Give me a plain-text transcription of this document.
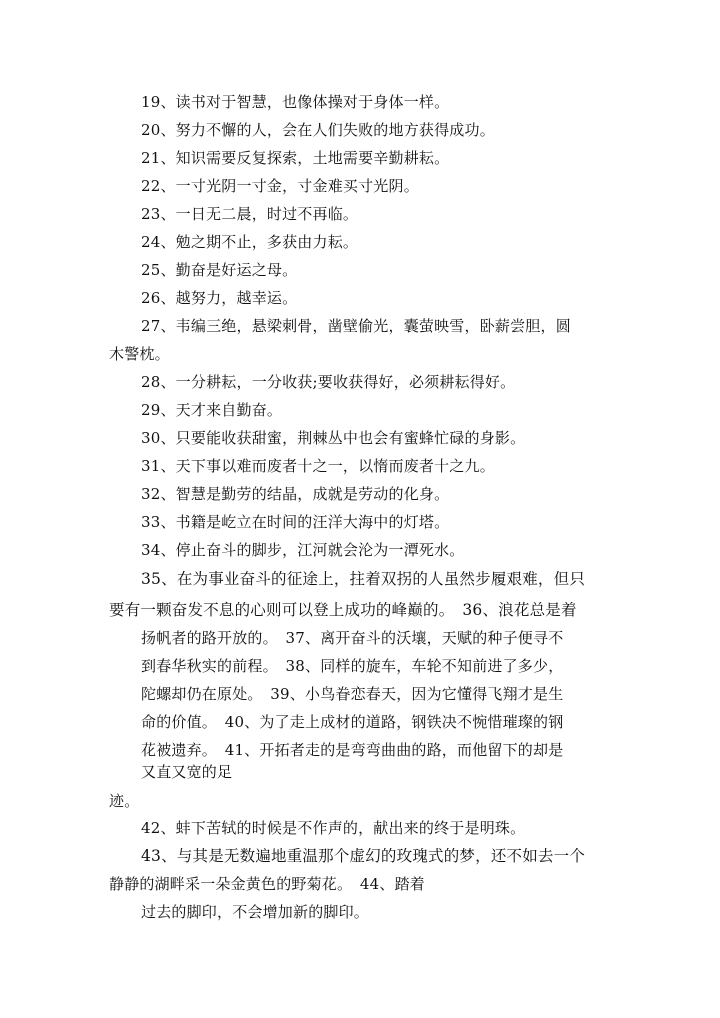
19、读书对于智慧，也像体操对于身体一样。
20、努力不懈的人，会在人们失败的地方获得成功。
21、知识需要反复探索，土地需要辛勤耕耘。
22、一寸光阴一寸金，寸金难买寸光阴。
23、一日无二晨，时过不再临。
24、勉之期不止，多获由力耘。
25、勤奋是好运之母。
26、越努力，越幸运。
27、韦编三绝，悬梁刺骨，凿壁偷光，囊萤映雪，卧薪尝胆，圆
木警枕。
28、一分耕耘，一分收获;要收获得好，必须耕耘得好。
29、天才来自勤奋。
30、只要能收获甜蜜，荆棘丛中也会有蜜蜂忙碌的身影。
31、天下事以难而废者十之一，以惰而废者十之九。
32、智慧是勤劳的结晶，成就是劳动的化身。
33、书籍是屹立在时间的汪洋大海中的灯塔。
34、停止奋斗的脚步，江河就会沦为一潭死水。
35、在为事业奋斗的征途上，拄着双拐的人虽然步履艰难，但只
要有一颗奋发不息的心则可以登上成功的峰巅的。　36、浪花总是着
扬帆者的路开放的。　37、离开奋斗的沃壤，天赋的种子便寻不
到春华秋实的前程。　38、同样的旋车，车轮不知前进了多少，
陀螺却仍在原处。　39、小鸟眷恋春天，因为它懂得飞翔才是生
命的价值。　40、为了走上成材的道路，钢铁决不惋惜璀璨的钢
花被遗弃。　41、开拓者走的是弯弯曲曲的路，而他留下的却是
又直又宽的足
迹。
42、蚌下苦轼的时候是不作声的，献出来的终于是明珠。
43、与其是无数遍地重温那个虚幻的玫瑰式的梦，还不如去一个
静静的湖畔采一朵金黄色的野菊花。　44、踏着
过去的脚印，不会增加新的脚印。
